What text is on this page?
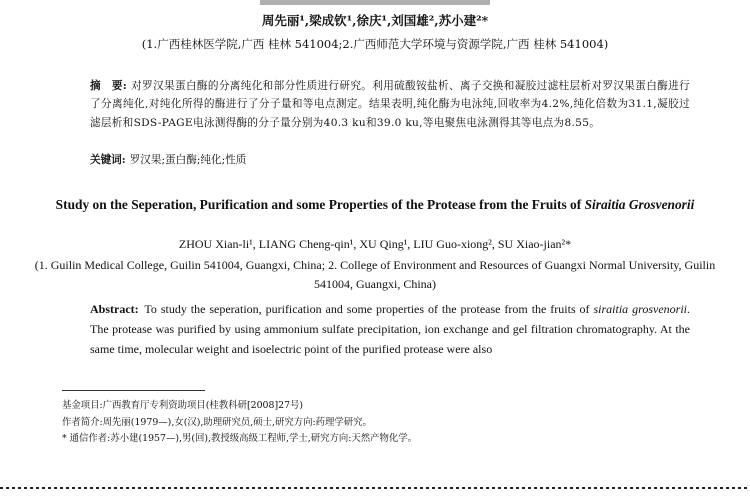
周先丽¹,梁成钦¹,徐庆¹,刘国雄²,苏小建²*
(1.广西桂林医学院,广西 桂林 541004;2.广西师范大学环境与资源学院,广西 桂林 541004)
摘　要: 对罗汉果蛋白酶的分离纯化和部分性质进行研究。利用硫酸铵盐析、离子交换和凝胶过滤柱层析对罗汉果蛋白酶进行了分离纯化,对纯化所得的酶进行了分子量和等电点测定。结果表明,纯化酶为电泳纯,回收率为4.2%,纯化倍数为31.1,凝胶过滤层析和SDS-PAGE电泳测得酶的分子量分别为40.3 ku和39.0 ku,等电聚焦电泳测得其等电点为8.55。
关键词: 罗汉果;蛋白酶;纯化;性质
Study on the Seperation, Purification and some Properties of the Protease from the Fruits of Siraitia Grosvenorii
ZHOU Xian-li¹, LIANG Cheng-qin¹, XU Qing¹, LIU Guo-xiong², SU Xiao-jian²*
(1. Guilin Medical College, Guilin 541004, Guangxi, China; 2. College of Environment and Resources of Guangxi Normal University, Guilin 541004, Guangxi, China)
Abstract: To study the seperation, purification and some properties of the protease from the fruits of siraitia grosvenorii. The protease was purified by using ammonium sulfate precipitation, ion exchange and gel filtration chromatography. At the same time, molecular weight and isoelectric point of the purified protease were also
基金项目:广西教育厅专利资助项目(桂教科研[2008]27号)
作者简介:周先丽(1979—),女(汉),助理研究员,硕士,研究方向:药理学研究。
* 通信作者:苏小建(1957—),男(回),教授级高级工程师,学士,研究方向:天然产物化学。
